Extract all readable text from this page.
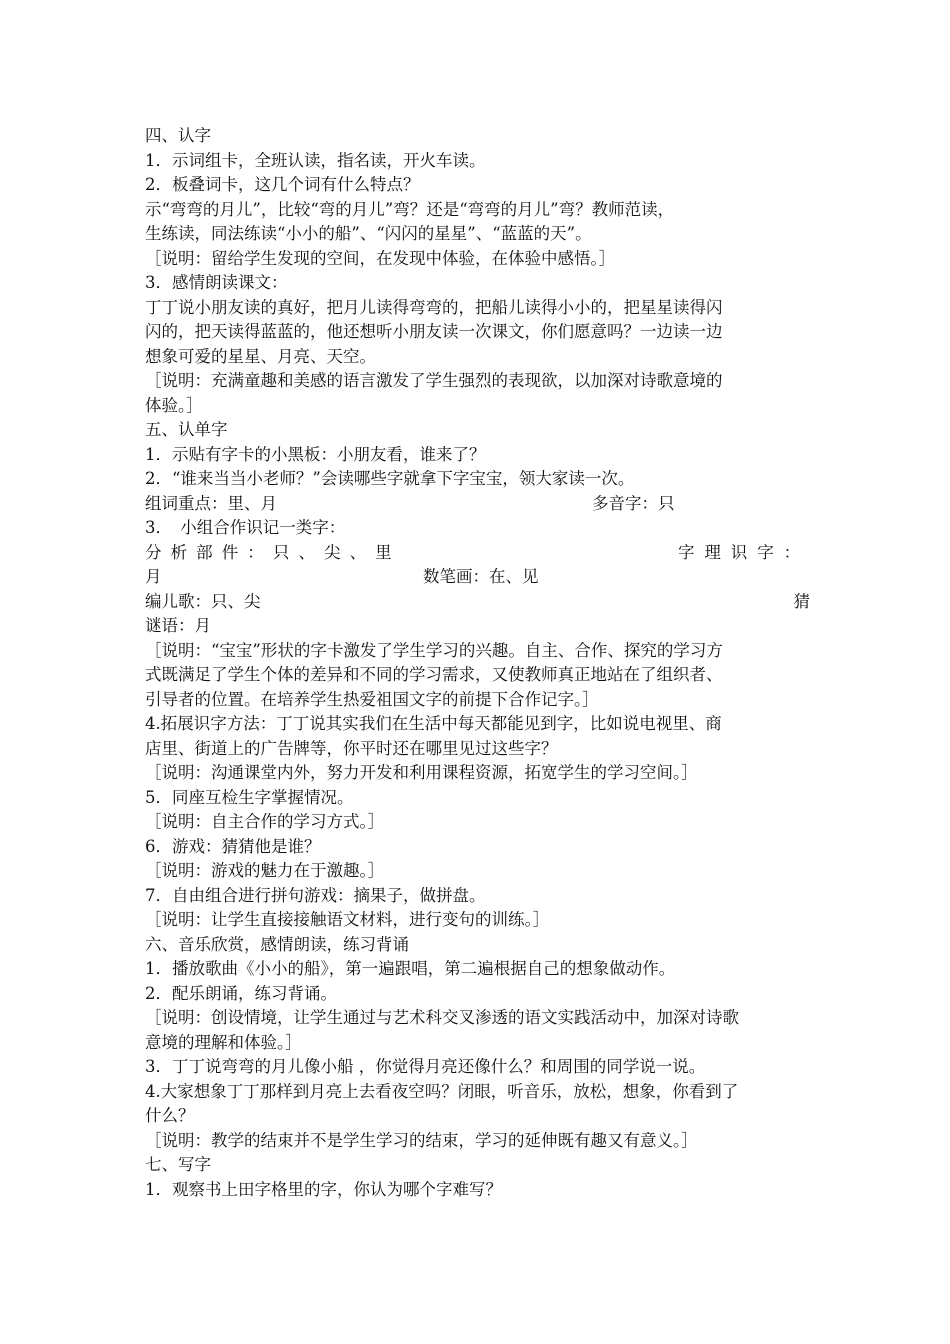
四、认字
1．示词组卡，全班认读，指名读，开火车读。
2．板叠词卡，这几个词有什么特点？
示“弯弯的月儿”，比较“弯的月儿”弯？还是“弯弯的月儿”弯？教师范读，
生练读，同法练读“小小的船”、“闪闪的星星”、“蓝蓝的天”。
［说明：留给学生发现的空间，在发现中体验，在体验中感悟。］
3．感情朗读课文：
丁丁说小朋友读的真好，把月儿读得弯弯的，把船儿读得小小的，把星星读得闪
闪的，把天读得蓝蓝的，他还想听小朋友读一次课文，你们愿意吗？一边读一边
想象可爱的星星、月亮、天空。
［说明：充满童趣和美感的语言激发了学生强烈的表现欲，以加深对诗歌意境的
体验。］
五、认单字
1．示贴有字卡的小黑板：小朋友看，谁来了？
2．“谁来当当小老师？”会读哪些字就拿下字宝宝，领大家读一次。
组词重点：里、月	多音字：只
3．　小组合作识记一类字：
分析部件：只、尖、里	字理识字：
月	数笔画：在、见
编儿歌：只、尖	猜
谜语：月
［说明：“宝宝”形状的字卡激发了学生学习的兴趣。自主、合作、探究的学习方
式既满足了学生个体的差异和不同的学习需求，又使教师真正地站在了组织者、
引导者的位置。在培养学生热爱祖国文字的前提下合作记字。］
4.拓展识字方法：丁丁说其实我们在生活中每天都能见到字，比如说电视里、商
店里、街道上的广告牌等，你平时还在哪里见过这些字？
［说明：沟通课堂内外，努力开发和利用课程资源，拓宽学生的学习空间。］
5．同座互检生字掌握情况。
［说明：自主合作的学习方式。］
6．游戏：猜猜他是谁？
［说明：游戏的魅力在于激趣。］
7．自由组合进行拼句游戏：摘果子，做拼盘。
［说明：让学生直接接触语文材料，进行变句的训练。］
六、音乐欣赏，感情朗读，练习背诵
1．播放歌曲《小小的船》，第一遍跟唱，第二遍根据自己的想象做动作。
2．配乐朗诵，练习背诵。
［说明：创设情境，让学生通过与艺术科交叉渗透的语文实践活动中，加深对诗歌
意境的理解和体验。］
3．丁丁说弯弯的月儿像小船 ，你觉得月亮还像什么？和周围的同学说一说。
4.大家想象丁丁那样到月亮上去看夜空吗？闭眼，听音乐，放松，想象，你看到了
什么？
［说明：教学的结束并不是学生学习的结束，学习的延伸既有趣又有意义。］
七、写字
1．观察书上田字格里的字，你认为哪个字难写？
